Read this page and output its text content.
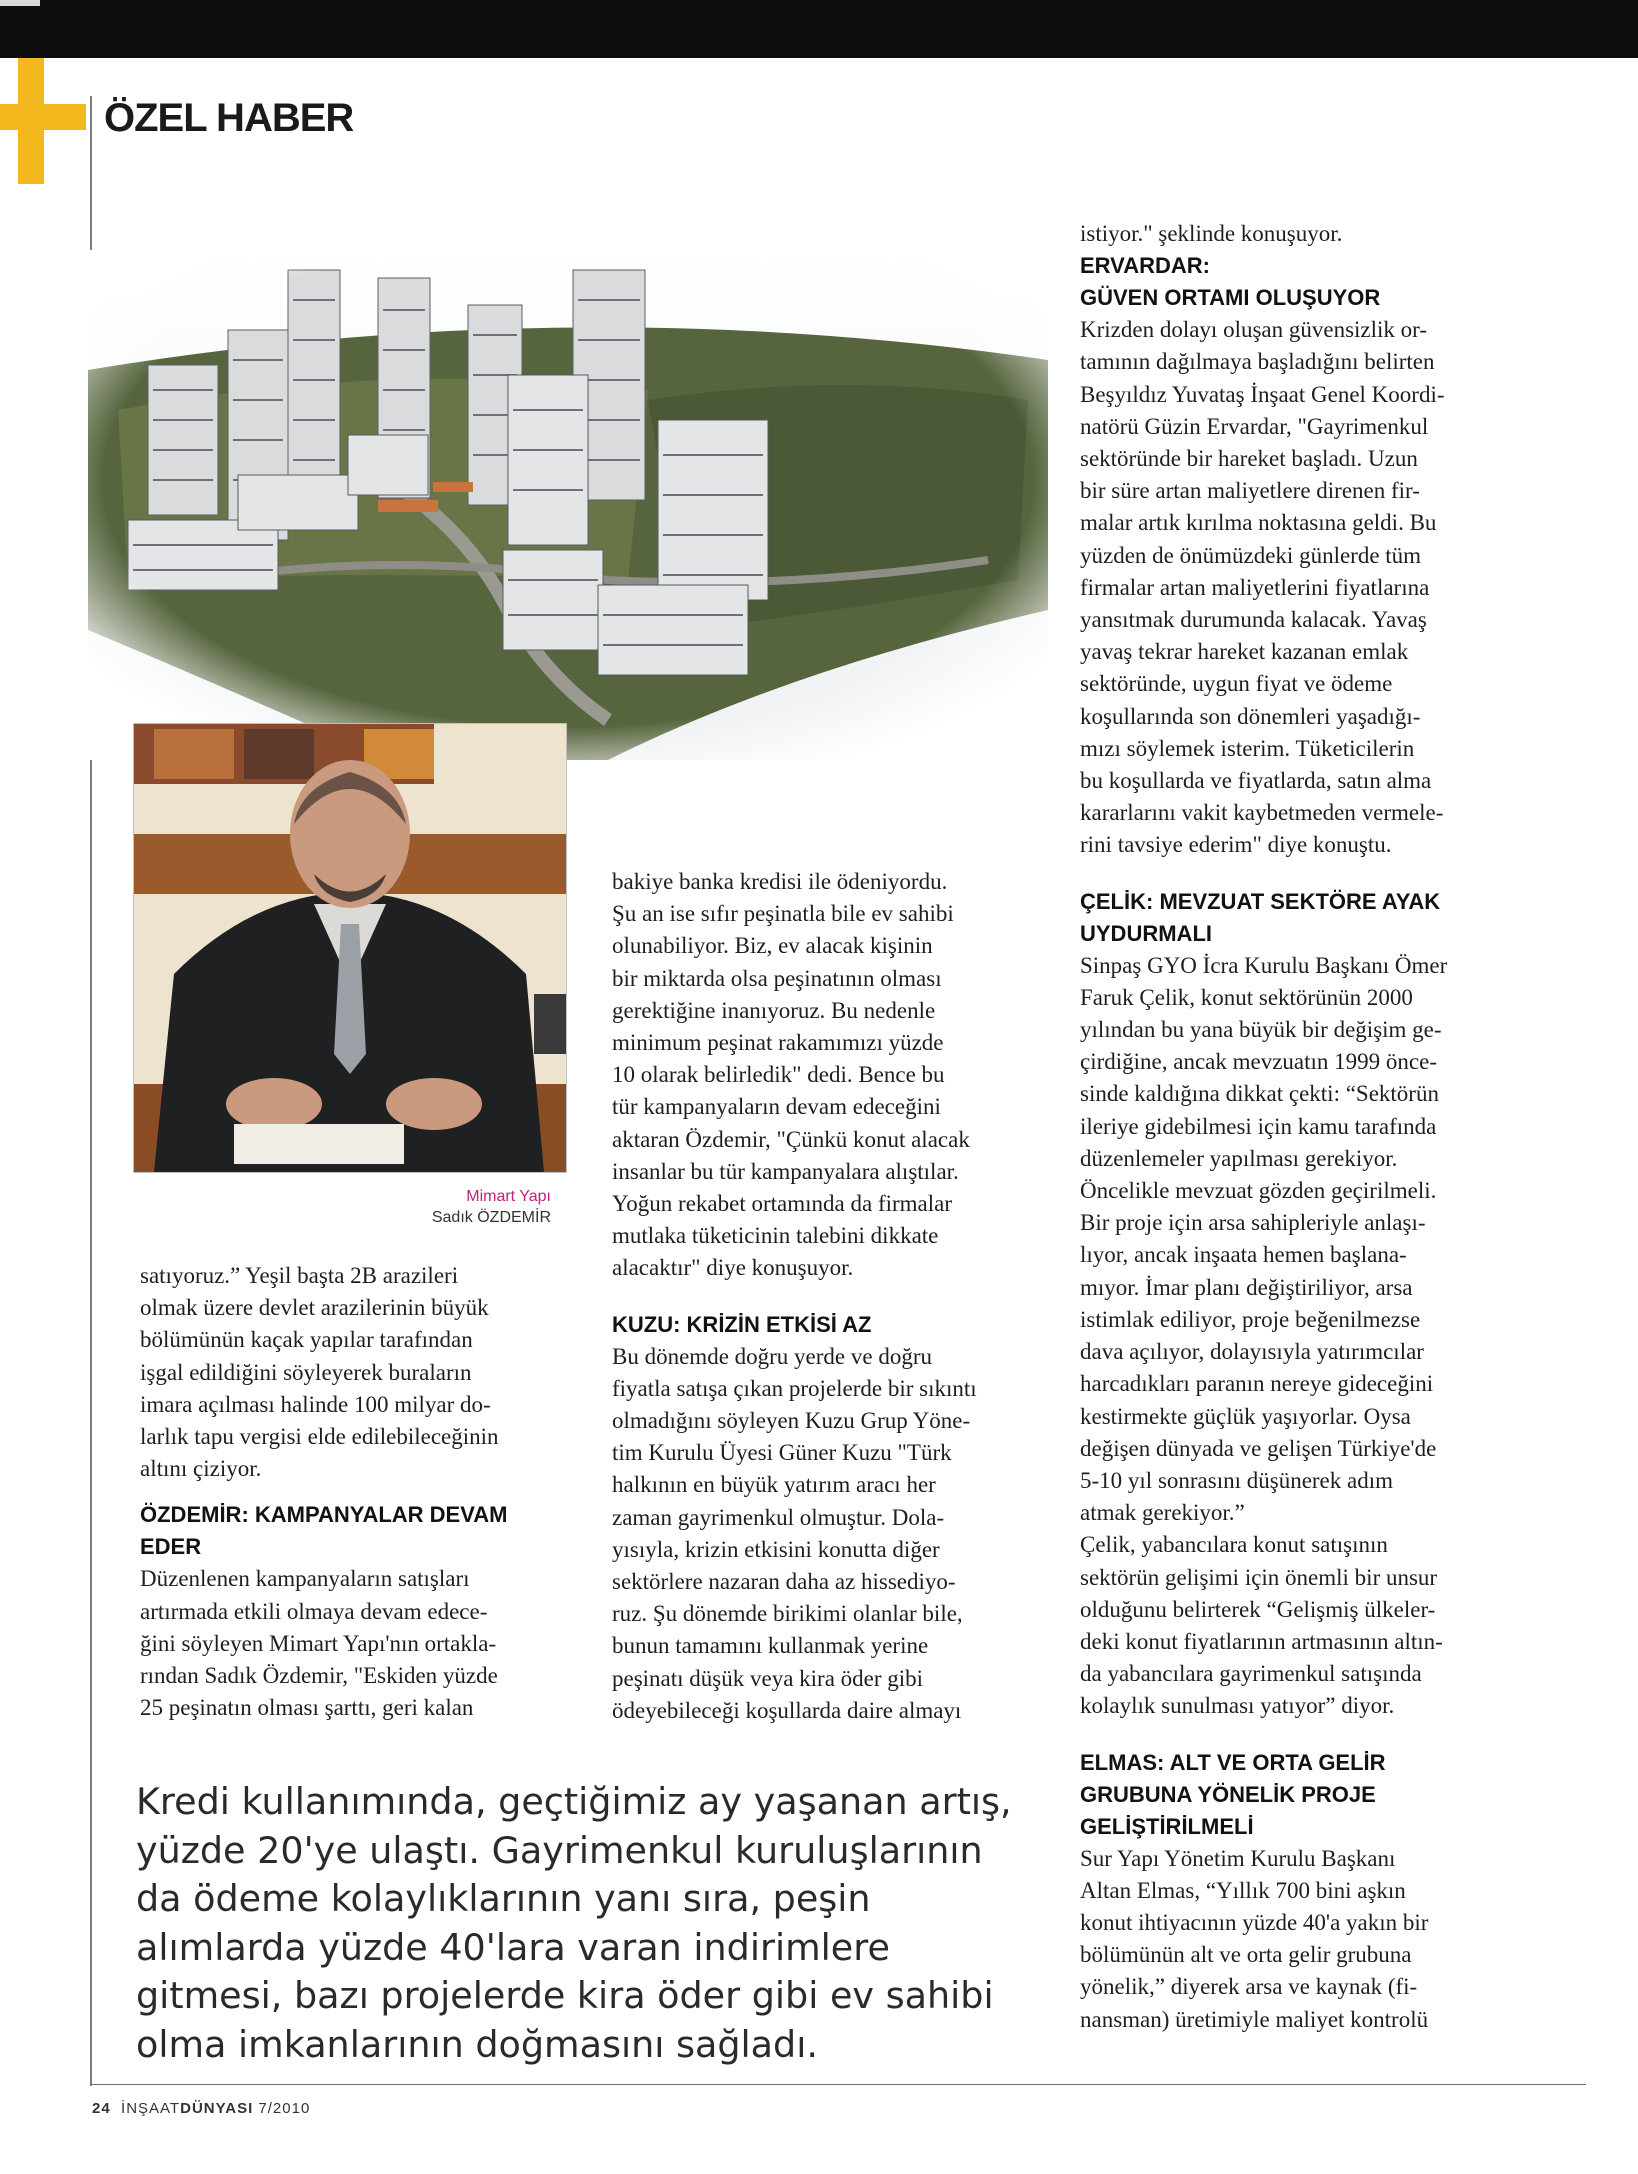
ÖZEL HABER
Mimart Yapı
Sadık ÖZDEMİR

satıyoruz.” Yeşil başta 2B arazileri
olmak üzere devlet arazilerinin büyük
bölümünün kaçak yapılar tarafından
işgal edildiğini söyleyerek buraların
imara açılması halinde 100 milyar do-
larlık tapu vergisi elde edilebileceğinin
altını çiziyor.

ÖZDEMİR: KAMPANYALAR DEVAM
EDER

Düzenlenen kampanyaların satışları
artırmada etkili olmaya devam edece-
ğini söyleyen Mimart Yapı'nın ortakla-
rından Sadık Özdemir, "Eskiden yüzde
25 peşinatın olması şarttı, geri kalan

bakiye banka kredisi ile ödeniyordu.
Şu an ise sıfır peşinatla bile ev sahibi
olunabiliyor. Biz, ev alacak kişinin
bir miktarda olsa peşinatının olması
gerektiğine inanıyoruz. Bu nedenle
minimum peşinat rakamımızı yüzde
10 olarak belirledik" dedi. Bence bu
tür kampanyaların devam edeceğini
aktaran Özdemir, "Çünkü konut alacak
insanlar bu tür kampanyalara alıştılar.
Yoğun rekabet ortamında da firmalar
mutlaka tüketicinin talebini dikkate
alacaktır" diye konuşuyor.

KUZU: KRİZİN ETKİSİ AZ

Bu dönemde doğru yerde ve doğru
fiyatla satışa çıkan projelerde bir sıkıntı
olmadığını söyleyen Kuzu Grup Yöne-
tim Kurulu Üyesi Güner Kuzu "Türk
halkının en büyük yatırım aracı her
zaman gayrimenkul olmuştur. Dola-
yısıyla, krizin etkisini konutta diğer
sektörlere nazaran daha az hissediyo-
ruz. Şu dönemde birikimi olanlar bile,
bunun tamamını kullanmak yerine
peşinatı düşük veya kira öder gibi
ödeyebileceği koşullarda daire almayı

istiyor." şeklinde konuşuyor.

ERVARDAR:
GÜVEN ORTAMI OLUŞUYOR

Krizden dolayı oluşan güvensizlik or-
tamının dağılmaya başladığını belirten
Beşyıldız Yuvataş İnşaat Genel Koordi-
natörü Güzin Ervardar, "Gayrimenkul
sektöründe bir hareket başladı. Uzun
bir süre artan maliyetlere direnen fir-
malar artık kırılma noktasına geldi. Bu
yüzden de önümüzdeki günlerde tüm
firmalar artan maliyetlerini fiyatlarına
yansıtmak durumunda kalacak. Yavaş
yavaş tekrar hareket kazanan emlak
sektöründe, uygun fiyat ve ödeme
koşullarında son dönemleri yaşadığı-
mızı söylemek isterim. Tüketicilerin
bu koşullarda ve fiyatlarda, satın alma
kararlarını vakit kaybetmeden vermele-
rini tavsiye ederim" diye konuştu.

ÇELİK: MEVZUAT SEKTÖRE AYAK
UYDURMALI

Sinpaş GYO İcra Kurulu Başkanı Ömer
Faruk Çelik, konut sektörünün 2000
yılından bu yana büyük bir değişim ge-
çirdiğine, ancak mevzuatın 1999 önce-
sinde kaldığına dikkat çekti: “Sektörün
ileriye gidebilmesi için kamu tarafında
düzenlemeler yapılması gerekiyor.
Öncelikle mevzuat gözden geçirilmeli.
Bir proje için arsa sahipleriyle anlaşı-
lıyor, ancak inşaata hemen başlana-
mıyor. İmar planı değiştiriliyor, arsa
istimlak ediliyor, proje beğenilmezse
dava açılıyor, dolayısıyla yatırımcılar
harcadıkları paranın nereye gideceğini
kestirmekte güçlük yaşıyorlar. Oysa
değişen dünyada ve gelişen Türkiye'de
5-10 yıl sonrasını düşünerek adım
atmak gerekiyor.”
Çelik, yabancılara konut satışının
sektörün gelişimi için önemli bir unsur
olduğunu belirterek “Gelişmiş ülkeler-
deki konut fiyatlarının artmasının altın-
da yabancılara gayrimenkul satışında
kolaylık sunulması yatıyor” diyor.

ELMAS: ALT VE ORTA GELİR
GRUBUNA YÖNELİK PROJE
GELİŞTİRİLMELİ

Sur Yapı Yönetim Kurulu Başkanı
Altan Elmas, “Yıllık 700 bini aşkın
konut ihtiyacının yüzde 40'a yakın bir
bölümünün alt ve orta gelir grubuna
yönelik,” diyerek arsa ve kaynak (fi-
nansman) üretimiyle maliyet kontrolü

Kredi kullanımında, geçtiğimiz ay yaşanan artış,
yüzde 20'ye ulaştı. Gayrimenkul kuruluşlarının
da ödeme kolaylıklarının yanı sıra, peşin
alımlarda yüzde 40'lara varan indirimlere
gitmesi, bazı projelerde kira öder gibi ev sahibi
olma imkanlarının doğmasını sağladı.

24 İNŞAATDÜNYASI 7/2010
